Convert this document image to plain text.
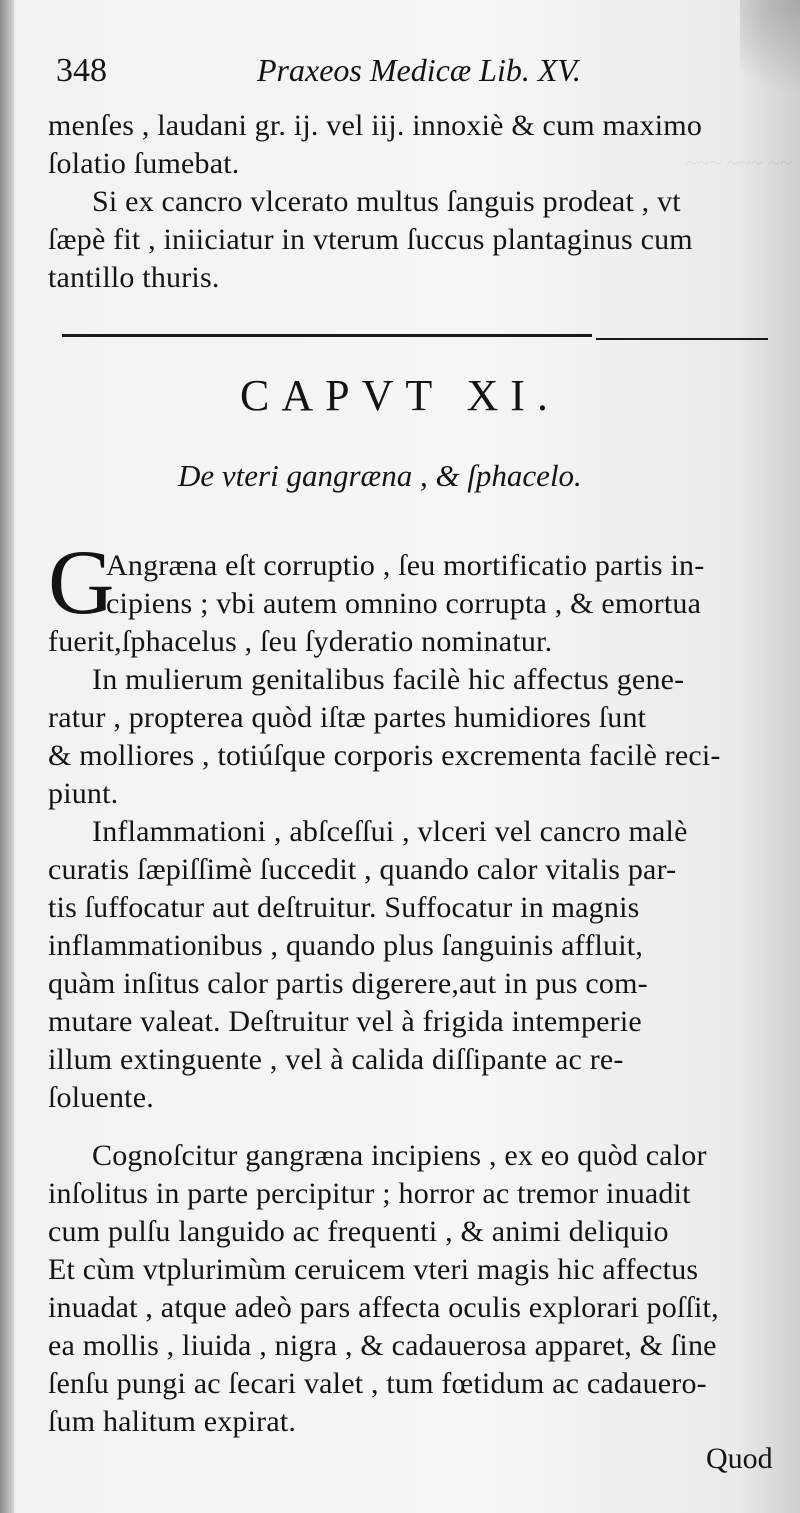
~~~ ~~~ ~~
348	Praxeos Medicæ Lib. XV.
menſes , laudani gr. ij. vel iij. innoxiè & cum maximo
ſolatio ſumebat.
Si ex cancro vlcerato multus ſanguis prodeat , vt
ſæpè fit , iniiciatur in vterum ſuccus plantaginus cum
tantillo thuris.
CAPVT XI.
De vteri gangræna , & ſphacelo.
G
Angræna eſt corruptio , ſeu mortificatio partis in-
cipiens ; vbi autem omnino corrupta , & emortua
fuerit,ſphacelus , ſeu ſyderatio nominatur.
In mulierum genitalibus facilè hic affectus gene-
ratur , propterea quòd iſtæ partes humidiores ſunt
& molliores , totiúſque corporis excrementa facilè reci-
piunt.
Inflammationi , abſceſſui , vlceri vel cancro malè
curatis ſæpiſſimè ſuccedit , quando calor vitalis par-
tis ſuffocatur aut deſtruitur. Suffocatur in magnis
inflammationibus , quando plus ſanguinis affluit,
quàm inſitus calor partis digerere,aut in pus com-
mutare valeat. Deſtruitur vel à frigida intemperie
illum extinguente , vel à calida diſſipante ac re-
ſoluente.
Cognoſcitur gangræna incipiens , ex eo quòd calor
inſolitus in parte percipitur ; horror ac tremor inuadit
cum pulſu languido ac frequenti , & animi deliquio
Et cùm vtplurimùm ceruicem vteri magis hic affectus
inuadat , atque adeò pars affecta oculis explorari poſſit,
ea mollis , liuida , nigra , & cadauerosa apparet, & ſine
ſenſu pungi ac ſecari valet , tum fœtidum ac cadauero-
ſum halitum expirat.
Quod
